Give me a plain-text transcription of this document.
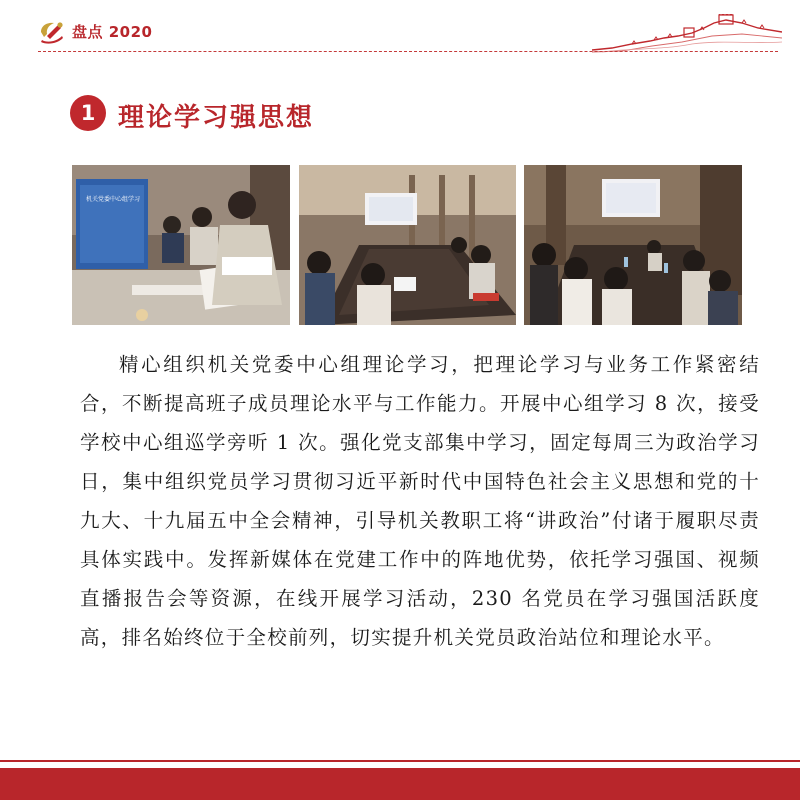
盘点 2020
1 理论学习强思想
机关党委中心组学习

精心组织机关党委中心组理论学习，把理论学习与业务工作紧密结合，不断提高班子成员理论水平与工作能力。开展中心组学习 8 次，接受学校中心组巡学旁听 1 次。强化党支部集中学习，固定每周三为政治学习日，集中组织党员学习贯彻习近平新时代中国特色社会主义思想和党的十九大、十九届五中全会精神，引导机关教职工将“讲政治”付诸于履职尽责具体实践中。发挥新媒体在党建工作中的阵地优势，依托学习强国、视频直播报告会等资源，在线开展学习活动，230 名党员在学习强国活跃度高，排名始终位于全校前列，切实提升机关党员政治站位和理论水平。
